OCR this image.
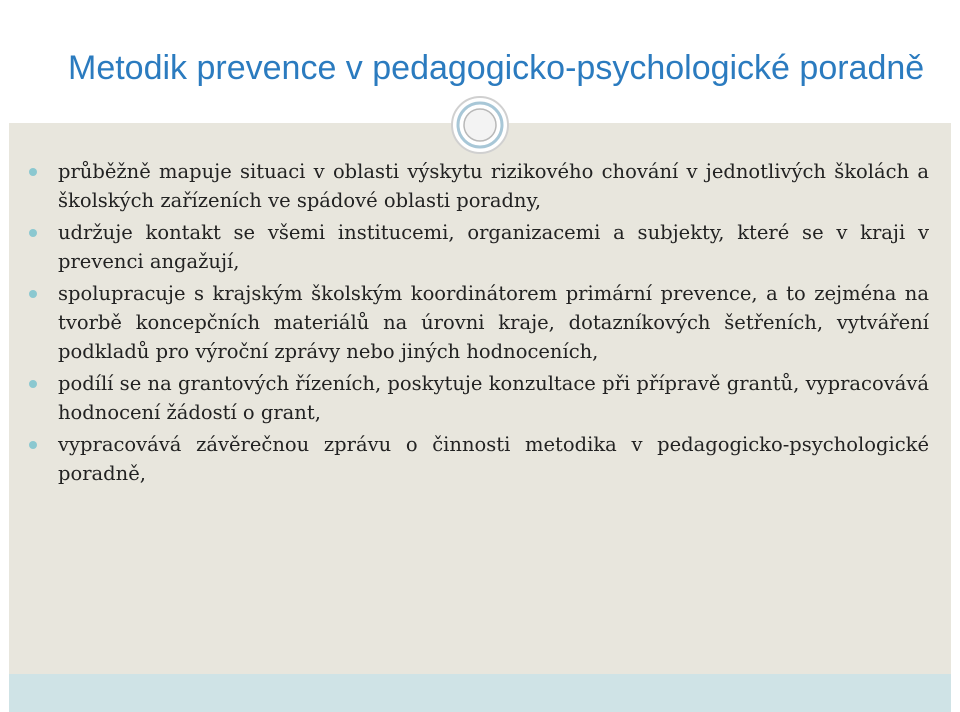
Metodik prevence v pedagogicko-psychologické poradně
průběžně mapuje situaci v oblasti výskytu rizikového chování v jednotlivých školách a školských zařízeních ve spádové oblasti poradny,
udržuje kontakt se všemi institucemi, organizacemi a subjekty, které se v kraji v prevenci angažují,
spolupracuje s krajským školským koordinátorem primární prevence, a to zejména na tvorbě koncepčních materiálů na úrovni kraje, dotazníkových šetřeních, vytváření podkladů pro výroční zprávy nebo jiných hodnoceních,
podílí se na grantových řízeních, poskytuje konzultace při přípravě grantů, vypracovává hodnocení žádostí o grant,
vypracovává závěrečnou zprávu o činnosti metodika v pedagogicko-psychologické poradně,
